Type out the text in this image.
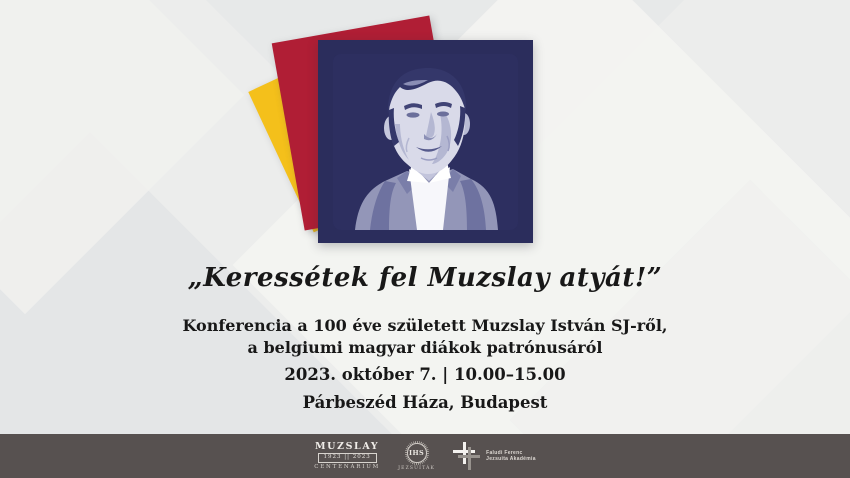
„Keressétek fel Muzslay atyát!”

Konferencia a 100 éve született Muzslay István SJ-ről,
a belgiumi magyar diákok patrónusáról

2023. október 7. | 10.00–15.00

Párbeszéd Háza, Budapest

MUZSLAY
1923 || 2023
CENTENÁRIUM
IHS
JEZSUITÁK
Faludi Ferenc
Jezsuita Akadémia
